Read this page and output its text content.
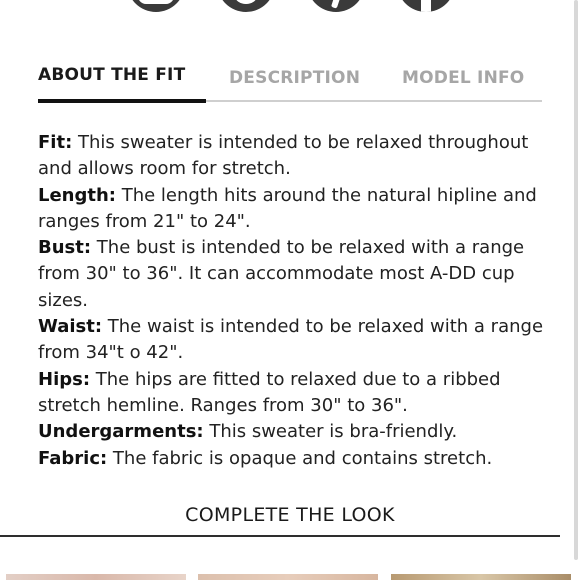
ABOUT THE FIT	DESCRIPTION MODEL INFO

Fit: This sweater is intended to be relaxed throughout and allows room for stretch.

Length: The length hits around the natural hipline and ranges from 21" to 24".

Bust: The bust is intended to be relaxed with a range from 30" to 36". It can accommodate most A-DD cup sizes.

Waist: The waist is intended to be relaxed with a range from 34"t o 42".

Hips: The hips are fitted to relaxed due to a ribbed stretch hemline. Ranges from 30" to 36".

Undergarments: This sweater is bra-friendly.

Fabric: The fabric is opaque and contains stretch.

COMPLETE THE LOOK
